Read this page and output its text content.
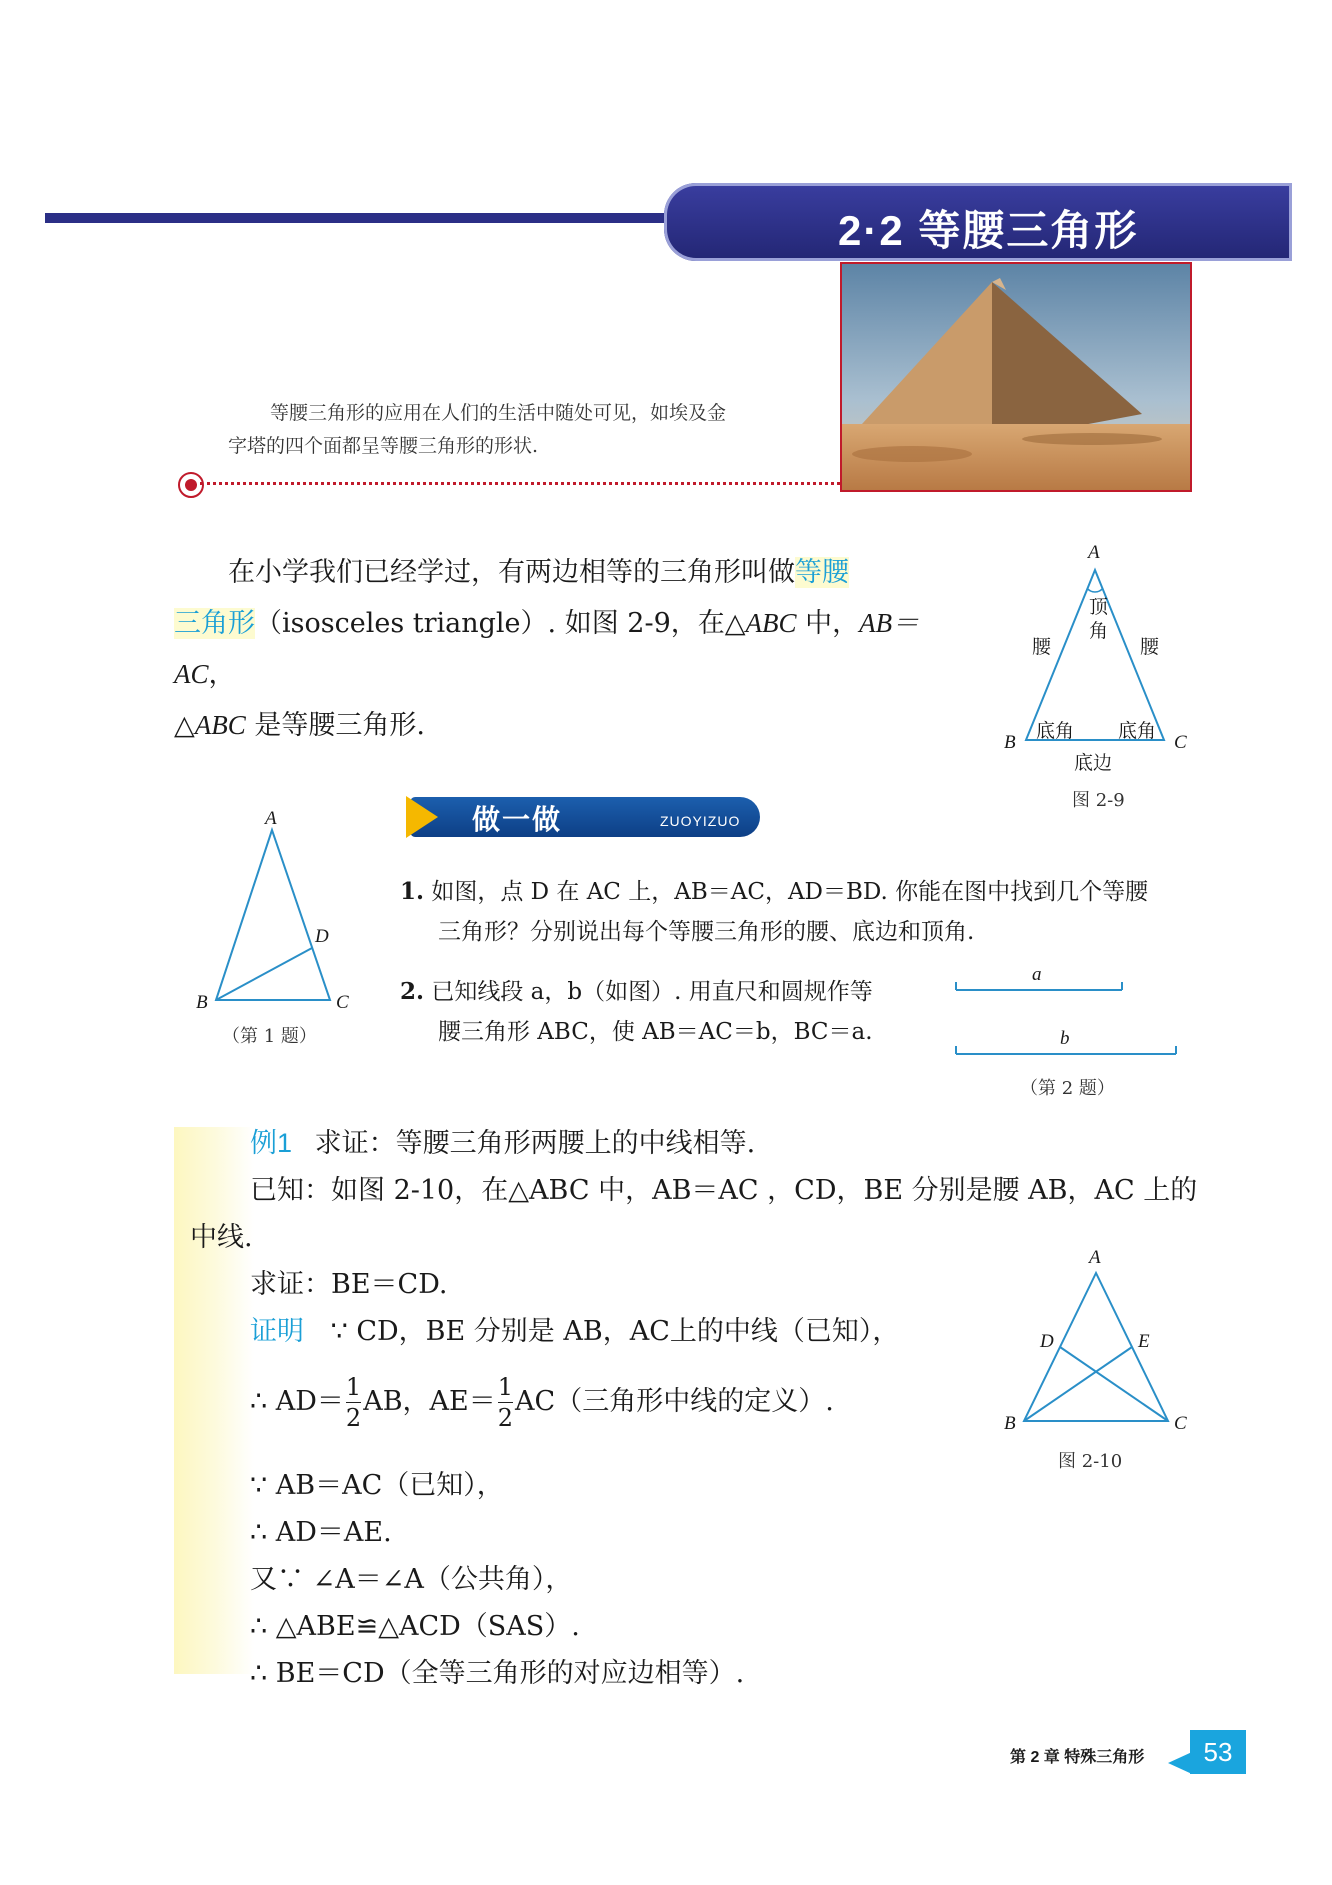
2·2 等腰三角形
等腰三角形的应用在人们的生活中随处可见，如埃及金
字塔的四个面都呈等腰三角形的形状.
在小学我们已经学过，有两边相等的三角形叫做等腰
三角形（isosceles triangle）. 如图 2-9，在△ABC 中，AB＝AC，
△ABC 是等腰三角形.
A
顶
角
腰	腰
底角 底角
B	C
底边
图 2-9
做一做	ZUOYIZUO
A
D
B	C
（第 1 题）
1. 如图，点 D 在 AC 上，AB＝AC，AD＝BD. 你能在图中找到几个等腰
三角形？分别说出每个等腰三角形的腰、底边和顶角.
2. 已知线段 a，b（如图）. 用直尺和圆规作等
腰三角形 ABC，使 AB＝AC＝b，BC＝a.
a
b
（第 2 题）
例1 求证：等腰三角形两腰上的中线相等.
已知：如图 2-10，在△ABC 中，AB＝AC ，CD，BE 分别是腰 AB，AC 上的
中线.
求证：BE＝CD.
证明 ∵ CD，BE 分别是 AB，AC上的中线（已知），
∴ $AD= \frac{1}{2}$ AB，$AE= \frac{1}{2} AC$（三角形中线的定义）.
∵ AB＝AC（已知），
∴ AD＝AE.
又∵ ∠A＝∠A（公共角），
∴ △ABE≌△ACD（SAS）.
∴ BE＝CD（全等三角形的对应边相等）.
A
D	E
B	C
图 2-10
第 2 章 特殊三角形	53
